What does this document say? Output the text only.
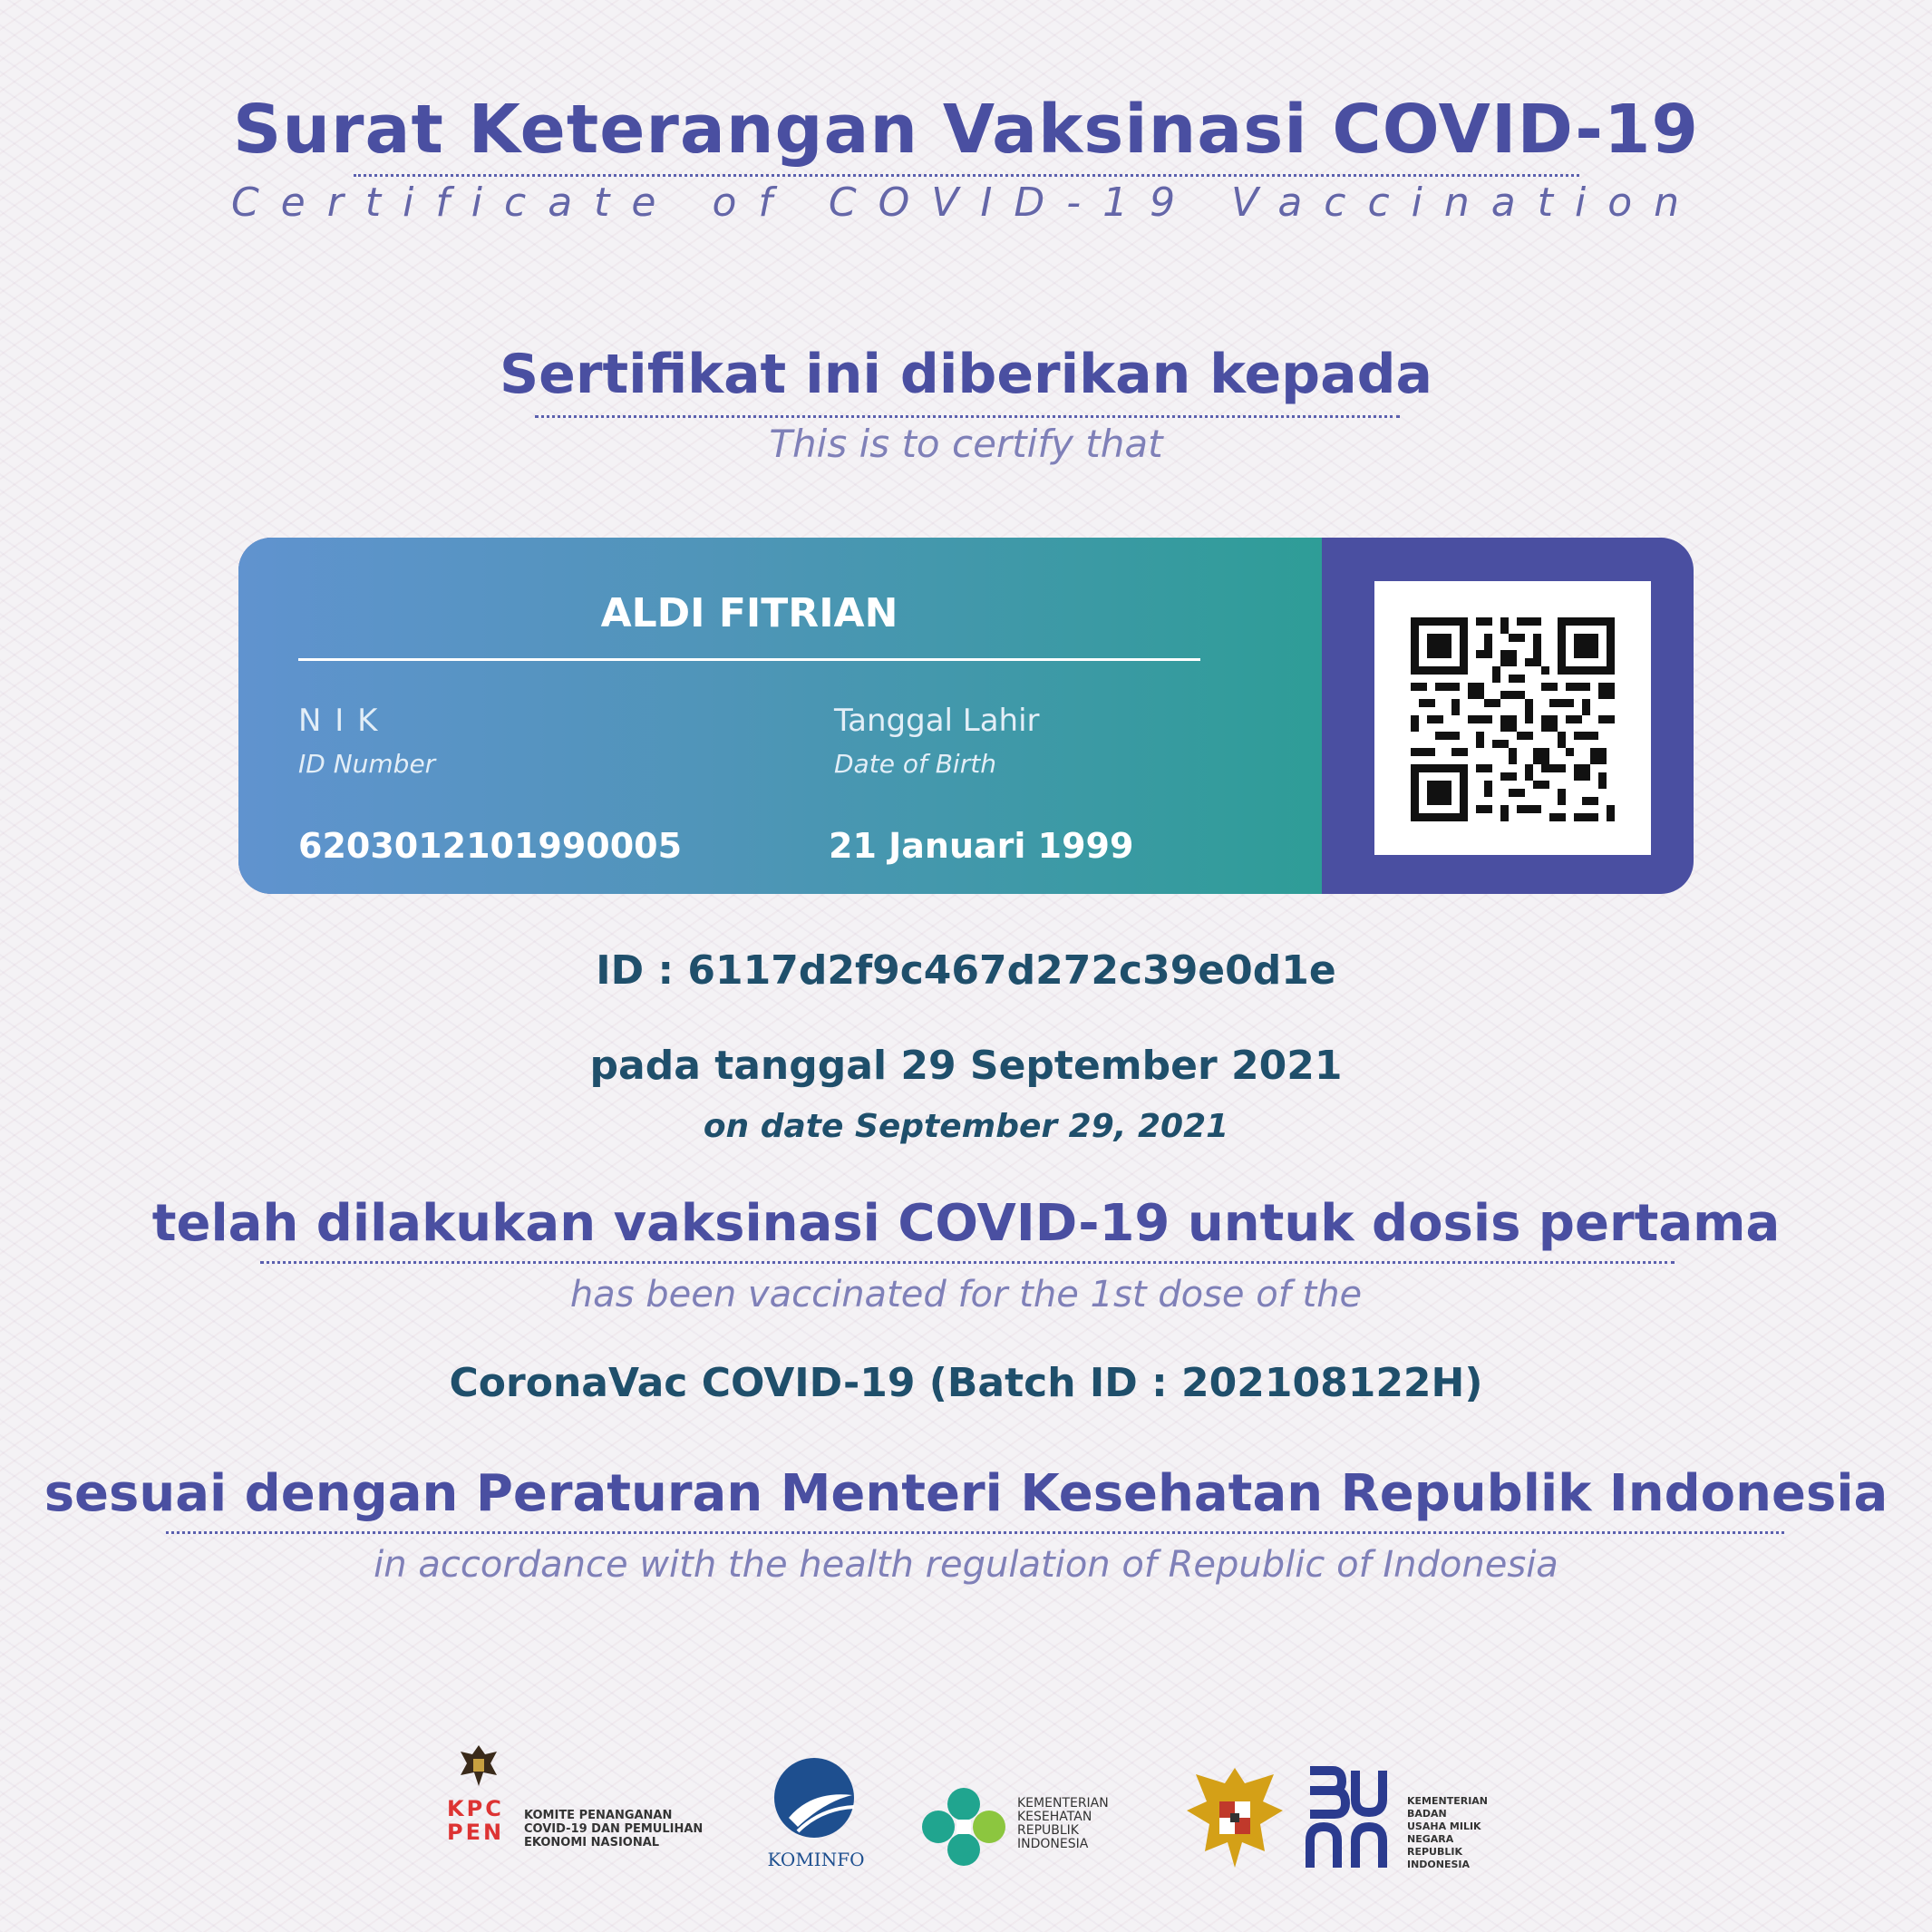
Surat Keterangan Vaksinasi COVID-19
Certificate of COVID-19 Vaccination
Sertifikat ini diberikan kepada
This is to certify that
ALDI FITRIAN
N I K
ID Number
6203012101990005
Tanggal Lahir
Date of Birth
21 Januari 1999
ID : 6117d2f9c467d272c39e0d1e
pada tanggal 29 September 2021
on date September 29, 2021
telah dilakukan vaksinasi COVID-19 untuk dosis pertama
has been vaccinated for the 1st dose of the
CoronaVac COVID-19 (Batch ID : 202108122H)
sesuai dengan Peraturan Menteri Kesehatan Republik Indonesia
in accordance with the health regulation of Republic of Indonesia
KPC PEN
KOMITE PENANGANAN COVID-19 DAN PEMULIHAN EKONOMI NASIONAL
KOMINFO
KEMENTERIAN KESEHATAN REPUBLIK INDONESIA
KEMENTERIAN BADAN USAHA MILIK NEGARA REPUBLIK INDONESIA
